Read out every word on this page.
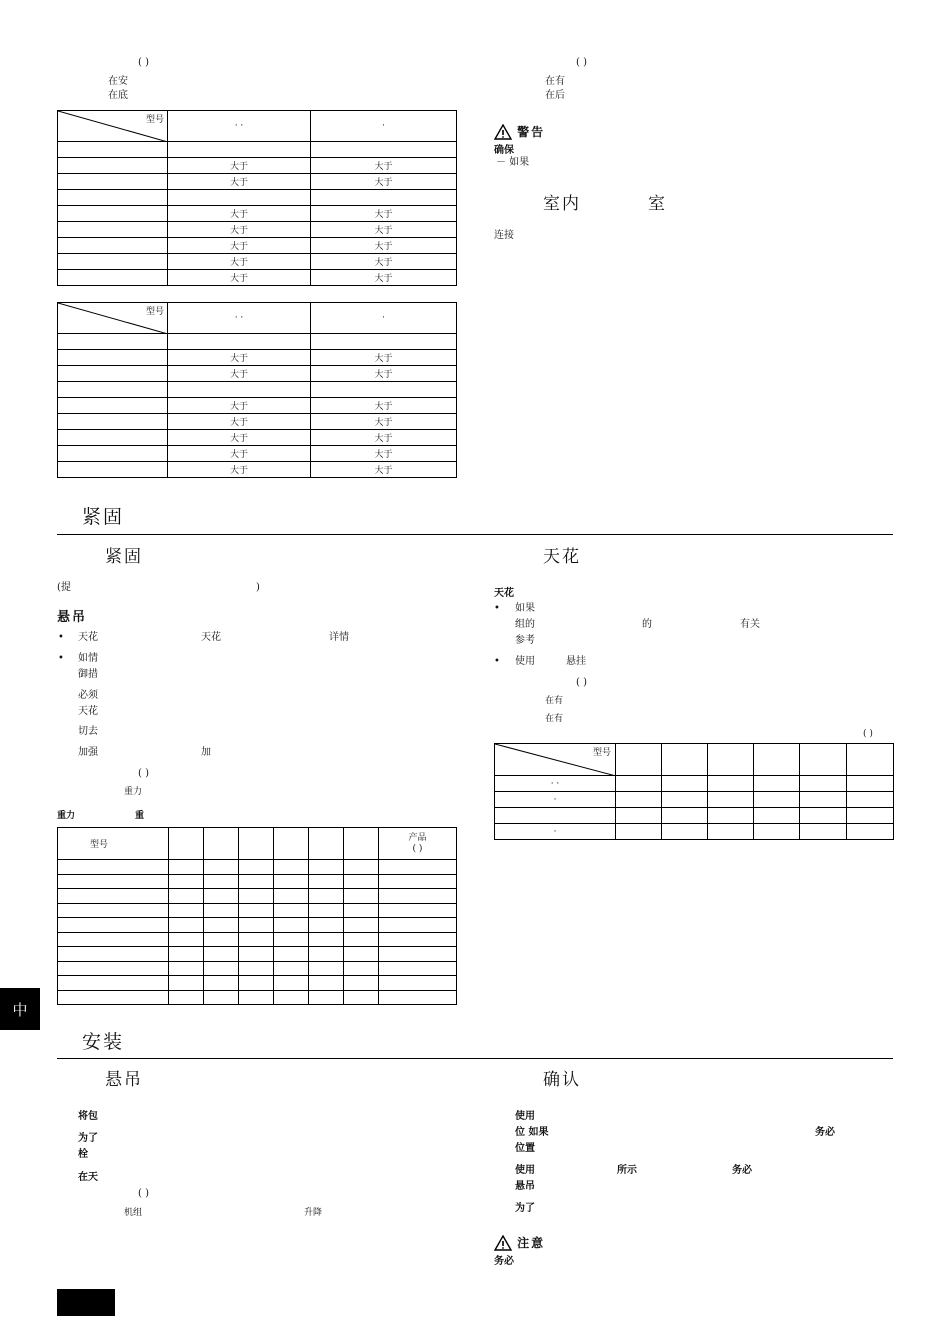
( )
在安
在底
( )
在有
在后
型号	· ·	·

	大于	大于
	大于	大于

	大于	大于
	大于	大于
	大于	大于
	大于	大于
	大于	大于
型号	· ·	·

	大于	大于
	大于	大于

	大于	大于
	大于	大于
	大于	大于
	大于	大于
	大于	大于
警告
确保
－ 如果
室内	室
连接
紧固
紧固	天花
(提	)
悬吊
• 天花	天花	详情
• 如情
御措
必须
天花
切去
加强	加
( )
重力
重力	重
型号							产品
( )

天花
• 如果
组的	的	有关
参考
• 使用	悬挂
( )
在有
在有
( )
型号						

· ·						
·						

·						
中
安装
悬吊	确认
将包
为了
栓
在天
( )
机组	升降
使用
位 如果	务必
位置
使用	所示	务必
悬吊
为了
注意
务必
